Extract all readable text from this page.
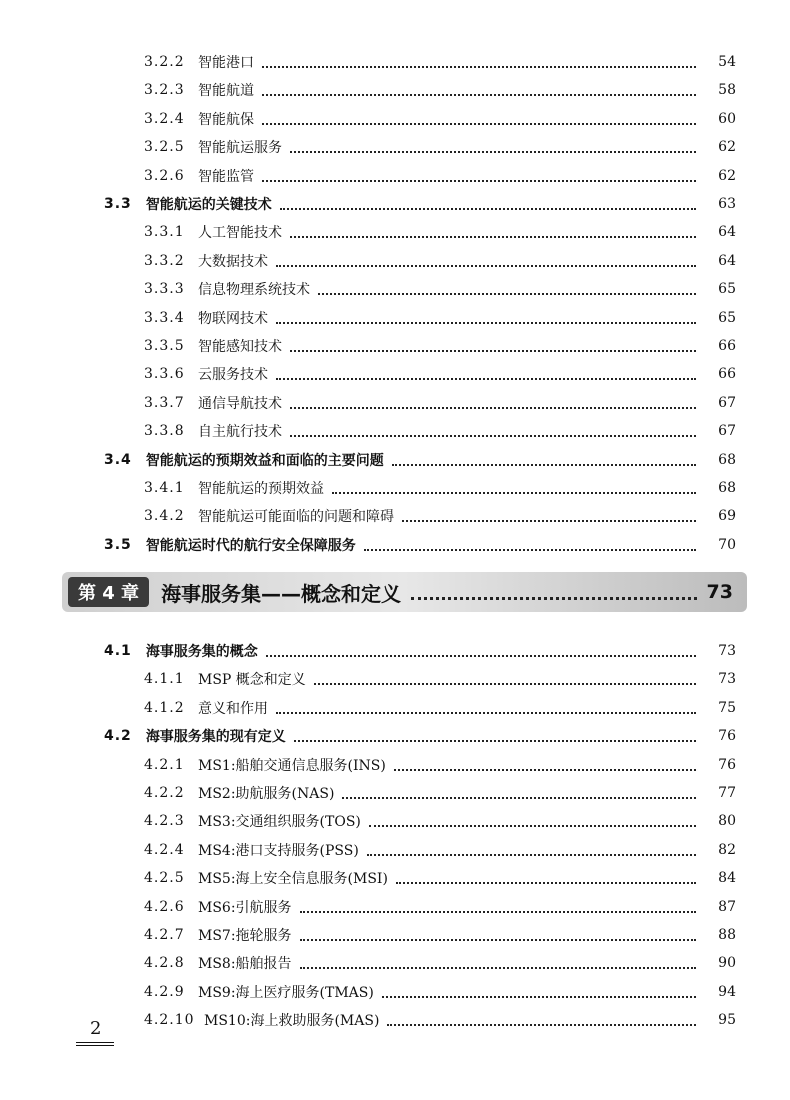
3.2.2 智能港口	54
3.2.3 智能航道	58
3.2.4 智能航保	60
3.2.5 智能航运服务	62
3.2.6 智能监管	62
3.3 智能航运的关键技术	63
3.3.1 人工智能技术	64
3.3.2 大数据技术	64
3.3.3 信息物理系统技术	65
3.3.4 物联网技术	65
3.3.5 智能感知技术	66
3.3.6 云服务技术	66
3.3.7 通信导航技术	67
3.3.8 自主航行技术	67
3.4 智能航运的预期效益和面临的主要问题	68
3.4.1 智能航运的预期效益	68
3.4.2 智能航运可能面临的问题和障碍	69
3.5 智能航运时代的航行安全保障服务	70
第 4 章	海事服务集——概念和定义	73
4.1 海事服务集的概念	73
4.1.1 MSP 概念和定义	73
4.1.2 意义和作用	75
4.2 海事服务集的现有定义	76
4.2.1 MS1:船舶交通信息服务(INS)	76
4.2.2 MS2:助航服务(NAS)	77
4.2.3 MS3:交通组织服务(TOS)	80
4.2.4 MS4:港口支持服务(PSS)	82
4.2.5 MS5:海上安全信息服务(MSI)	84
4.2.6 MS6:引航服务	87
4.2.7 MS7:拖轮服务	88
4.2.8 MS8:船舶报告	90
4.2.9 MS9:海上医疗服务(TMAS)	94
4.2.10 MS10:海上救助服务(MAS)	95
2
